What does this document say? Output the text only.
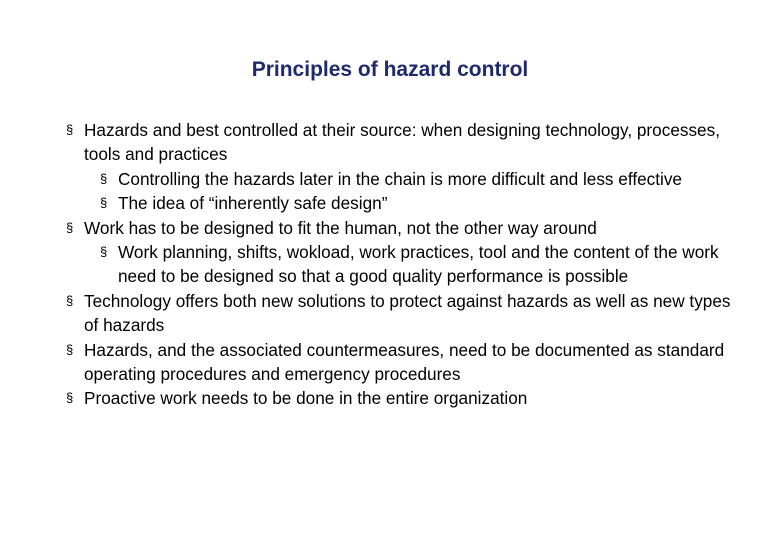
Principles of hazard control
§ Hazards and best controlled at their source: when designing technology, processes, tools and practices
§ Controlling the hazards later in the chain is more difficult and less effective
§ The idea of “inherently safe design”
§ Work has to be designed to fit the human, not the other way around
§ Work planning, shifts, wokload, work practices, tool and the content of the work need to be designed so that a good quality performance is possible
§ Technology offers both new solutions to protect against hazards as well as new types of hazards
§ Hazards, and the associated countermeasures, need to be documented as standard operating procedures and emergency procedures
§ Proactive work needs to be done in the entire organization
